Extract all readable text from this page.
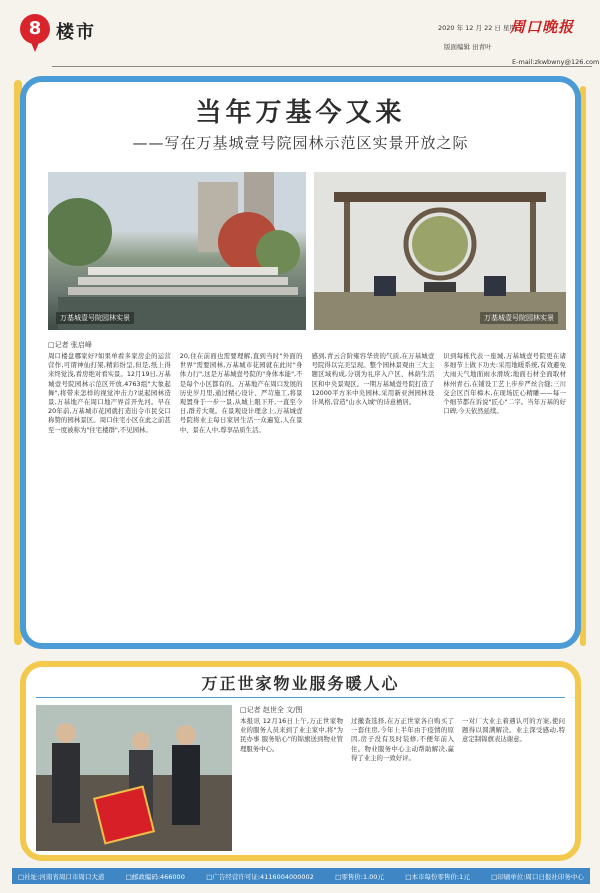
8 楼市	2020 年 12 月 22 日 星期二
周口晚报
版面编辑 田青叶
E-mail:zkwbwny@126.com
当年万基今又来
——写在万基城壹号院园林示范区实景开放之际
万基城壹号院园林实景	万基城壹号院园林实景
□记者 张启峰
周口楼盘哪家好?如果单看多家房企的运营营作,可谓神仙打架,精彩纷呈,但是,纸上得来终觉浅,看房绝对看实景。12月19日,万基城壹号院园林示范区开放,4763组"大象起舞",将带来怎样的视觉冲击力?说起园林造景,万基地产在周口地产界首开先河。早在20年前,万基城市花园就打造出令市民交口称赞的园林景区。周口住宅小区在此之前甚至一度被称为"住宅楼群",不见园林。
20,住在前面也需要理解,直到当时"外面的世界"需要园林,万基城市花园就在此时"身体力行",这是万基城壹号院的"身体本能",不是每个小区都有的。万基地产在周口发展的历史岁月里,通过精心设计、严苛施工,将景观置身于一步一景,从城上眼下开,一直至今日,群芳大观。在景观设计理念上,万基城壹号院将业主每日家居生活一众遍览,人在景中、景在人中,尊享品质生活。
感到,青云合阶雍容华贵的气质,在万基城壹号院得以完美呈现。整个园林景观由三大主题区域构成,分别为礼序入户区、林荫生活区和中央景观区。一期万基城壹号院打造了12000平方米中央园林,采用新亚洲园林设计风格,营造"山水入城"的诗意栖居。
识到每栋代表一座城,万基城壹号院更在诸多细节上做下功夫:采用地暖系统,有效避免大雨天气地面雨水滑坡;地面石材全面取材林州青石,在铺设工艺上步步严丝合缝;三川交会区百年樟木,在现场匠心精雕——每一个细节都在诉说"匠心"二字。当年万基的好口碑,今天依然延续。
万正世家物业服务暖人心
□记者 赵世全 文/图
本报讯 12月16日上午,万正世家物业的服务人员来到了业主家中,将"为民办事 服务贴心"的锦旗送到物业管理服务中心。
过撤查选择,在万正世家各自购买了一套住房,今年上半年由于疫情的原因,房子没有及时装修,不便年前入住。物业服务中心主动帮助解决,赢得了业主的一致好评。
一对厂大业主着遇认可的方案,使问题得以圆满解决。业主深受感动,特意定制锦旗表达谢意。
□社址:河南省周口市周口大道	□邮政编码:466000	□广告经营许可证:4116004000002	□零售价:1.00元	□本市每份零售价:1元	□印刷单位:周口日报社印务中心
